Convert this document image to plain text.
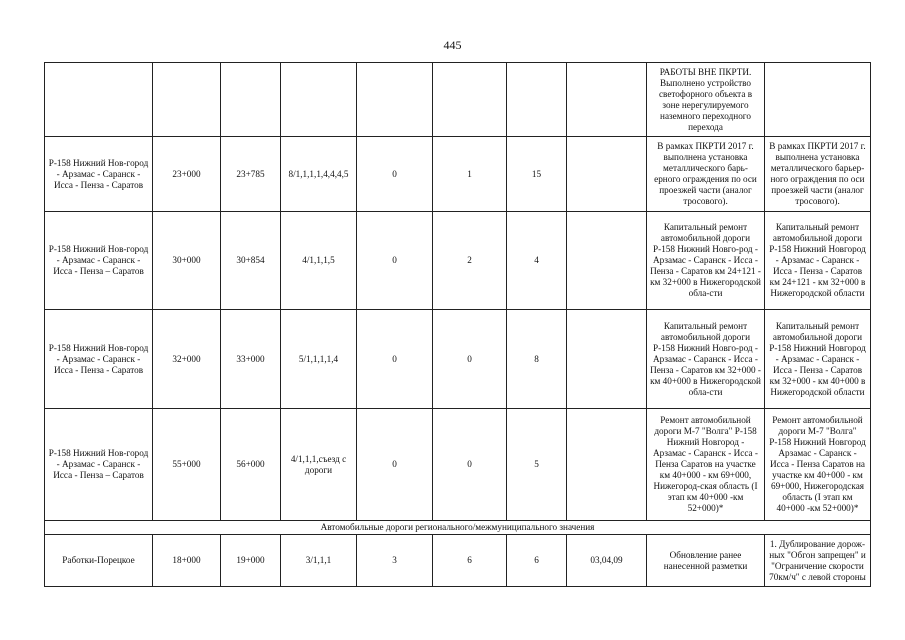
445
								РАБОТЫ ВНЕ ПКРТИ. Выполнено устройство светофорного объекта в зоне нерегулируемого наземного переходного перехода	
Р-158 Нижний Нов-город - Арзамас - Саранск - Исса - Пенза - Саратов	23+000	23+785	8/1,1,1,1,4,4,4,5	0	1	15		В рамках ПКРТИ 2017 г. выполнена установка металлического барь-ерного ограждения по оси проезжей части (аналог тросового).	В рамках ПКРТИ 2017 г. выполнена установка металлического барьер-ного ограждения по оси проезжей части (аналог тросового).
Р-158 Нижний Нов-город - Арзамас - Саранск - Исса - Пенза – Саратов	30+000	30+854	4/1,1,1,5	0	2	4		Капитальный ремонт автомобильной дороги Р-158 Нижний Новго-род - Арзамас - Саранск - Исса - Пенза - Саратов км 24+121 - км 32+000 в Нижегородской обла-сти	Капитальный ремонт автомобильной дороги Р-158 Нижний Новгород - Арзамас - Саранск - Исса - Пенза - Саратов км 24+121 - км 32+000 в Нижегородской области
Р-158 Нижний Нов-город - Арзамас - Саранск - Исса - Пенза - Саратов	32+000	33+000	5/1,1,1,1,4	0	0	8		Капитальный ремонт автомобильной дороги Р-158 Нижний Новго-род - Арзамас - Саранск - Исса - Пенза - Саратов км 32+000 - км 40+000 в Нижегородской обла-сти	Капитальный ремонт автомобильной дороги Р-158 Нижний Новгород - Арзамас - Саранск - Исса - Пенза - Саратов км 32+000 - км 40+000 в Нижегородской области
Р-158 Нижний Нов-город - Арзамас - Саранск - Исса - Пенза – Саратов	55+000	56+000	4/1,1,1,съезд с дороги	0	0	5		Ремонт автомобильной дороги М-7 "Волга" Р-158 Нижний Новгород - Арзамас - Саранск - Исса - Пенза Саратов на участке км 40+000 - км 69+000, Нижегород-ская область (I этап км 40+000 -км 52+000)*	Ремонт автомобильной дороги М-7 "Волга" Р-158 Нижний Новгород Арзамас - Саранск - Исса - Пенза Саратов на участке км 40+000 - км 69+000, Нижегородская область (I этап км 40+000 -км 52+000)*
Автомобильные дороги регионального/межмуниципального значения									
Работки-Порецкое	18+000	19+000	3/1,1,1	3	6	6	03,04,09	Обновление ранее нанесенной разметки	1. Дублирование дорож-ных "Обгон запрещен" и "Ограничение скорости 70км/ч" с левой стороны
